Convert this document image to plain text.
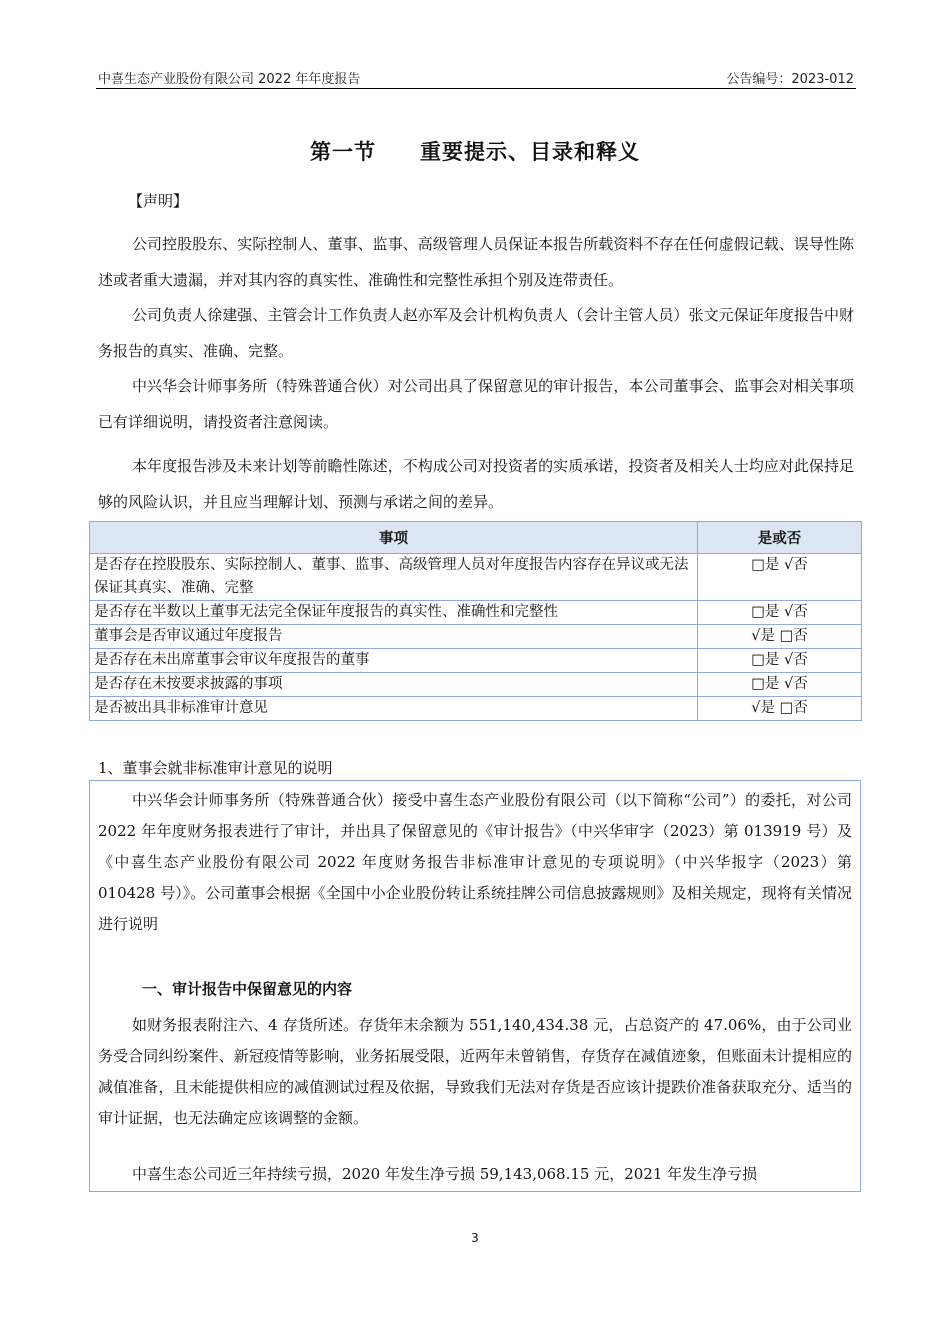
中喜生态产业股份有限公司 2022 年年度报告	公告编号：2023-012
第一节　　重要提示、目录和释义
【声明】
公司控股股东、实际控制人、董事、监事、高级管理人员保证本报告所载资料不存在任何虚假记载、误导性陈述或者重大遗漏，并对其内容的真实性、准确性和完整性承担个别及连带责任。
公司负责人徐建强、主管会计工作负责人赵亦军及会计机构负责人（会计主管人员）张文元保证年度报告中财务报告的真实、准确、完整。
中兴华会计师事务所（特殊普通合伙）对公司出具了保留意见的审计报告，本公司董事会、监事会对相关事项已有详细说明，请投资者注意阅读。
本年度报告涉及未来计划等前瞻性陈述，不构成公司对投资者的实质承诺，投资者及相关人士均应对此保持足够的风险认识，并且应当理解计划、预测与承诺之间的差异。
事项	是或否
是否存在控股股东、实际控制人、董事、监事、高级管理人员对年度报告内容存在异议或无法保证其真实、准确、完整	□是 √否
是否存在半数以上董事无法完全保证年度报告的真实性、准确性和完整性	□是 √否
董事会是否审议通过年度报告	√是 □否
是否存在未出席董事会审议年度报告的董事	□是 √否
是否存在未按要求披露的事项	□是 √否
是否被出具非标准审计意见	√是 □否
1、董事会就非标准审计意见的说明
中兴华会计师事务所（特殊普通合伙）接受中喜生态产业股份有限公司（以下简称“公司”）的委托，对公司 2022 年年度财务报表进行了审计，并出具了保留意见的《审计报告》（中兴华审字（2023）第 013919 号）及《中喜生态产业股份有限公司 2022 年度财务报告非标准审计意见的专项说明》（中兴华报字（2023）第 010428 号）》。公司董事会根据《全国中小企业股份转让系统挂牌公司信息披露规则》及相关规定，现将有关情况进行说明
一、审计报告中保留意见的内容
如财务报表附注六、4 存货所述。存货年末余额为 551,140,434.38 元，占总资产的 47.06%，由于公司业务受合同纠纷案件、新冠疫情等影响，业务拓展受限，近两年未曾销售，存货存在减值迹象，但账面未计提相应的减值准备，且未能提供相应的减值测试过程及依据，导致我们无法对存货是否应该计提跌价准备获取充分、适当的审计证据，也无法确定应该调整的金额。
中喜生态公司近三年持续亏损，2020 年发生净亏损 59,143,068.15 元，2021 年发生净亏损
3
